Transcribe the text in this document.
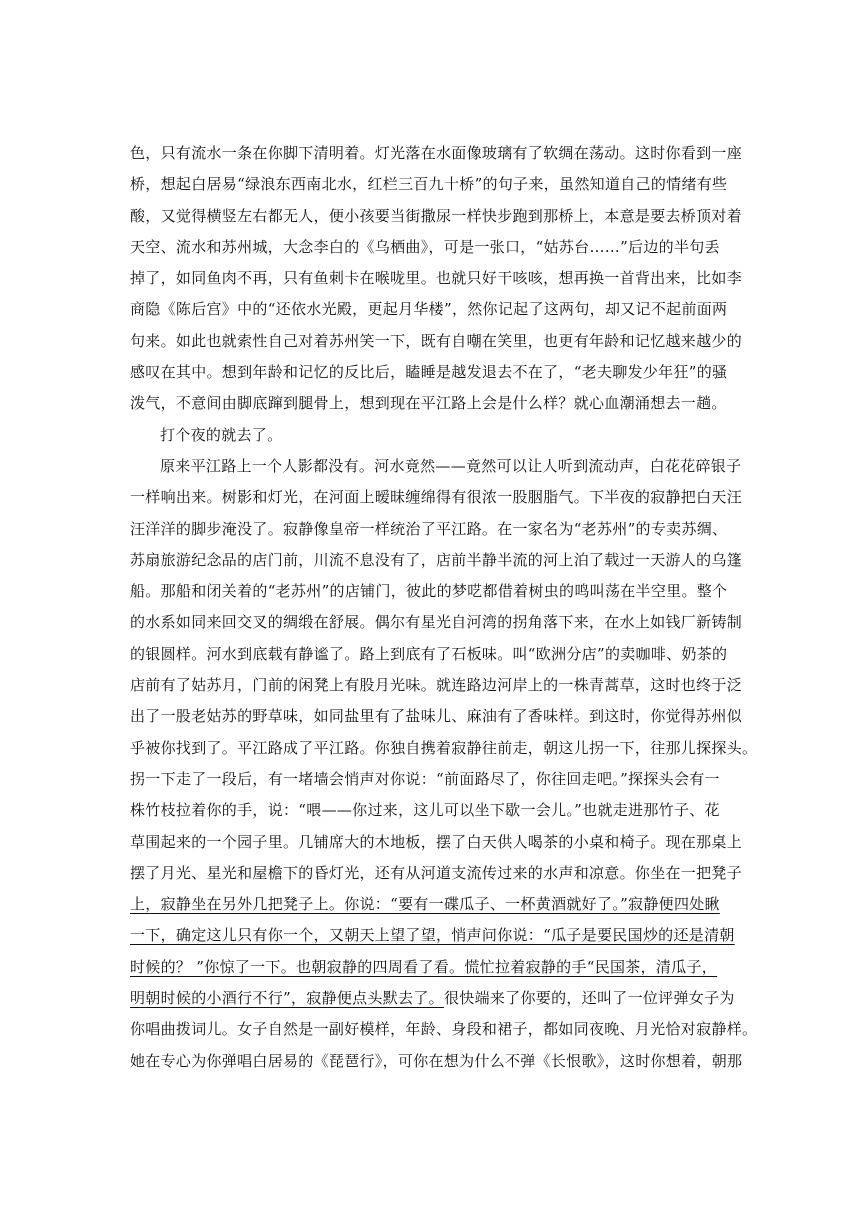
色，只有流水一条在你脚下清明着。灯光落在水面像玻璃有了软绸在荡动。这时你看到一座
桥，想起白居易“绿浪东西南北水，红栏三百九十桥”的句子来，虽然知道自己的情绪有些
酸，又觉得横竖左右都无人，便小孩要当街撒尿一样快步跑到那桥上，本意是要去桥顶对着
天空、流水和苏州城，大念李白的《乌栖曲》，可是一张口，“姑苏台……”后边的半句丢
掉了，如同鱼肉不再，只有鱼刺卡在喉咙里。也就只好干咳咳，想再换一首背出来，比如李
商隐《陈后宫》中的“还依水光殿，更起月华楼”，然你记起了这两句，却又记不起前面两
句来。如此也就索性自己对着苏州笑一下，既有自嘲在笑里，也更有年龄和记忆越来越少的
感叹在其中。想到年龄和记忆的反比后，瞌睡是越发退去不在了，“老夫聊发少年狂”的骚
泼气，不意间由脚底蹿到腿骨上，想到现在平江路上会是什么样？就心血潮涌想去一趟。
打个夜的就去了。
原来平江路上一个人影都没有。河水竟然——竟然可以让人听到流动声，白花花碎银子
一样响出来。树影和灯光，在河面上暧昧缠绵得有很浓一股胭脂气。下半夜的寂静把白天汪
汪洋洋的脚步淹没了。寂静像皇帝一样统治了平江路。在一家名为“老苏州”的专卖苏绸、
苏扇旅游纪念品的店门前，川流不息没有了，店前半静半流的河上泊了载过一天游人的乌篷
船。那船和闭关着的“老苏州”的店铺门，彼此的梦呓都借着树虫的鸣叫荡在半空里。整个
的水系如同来回交叉的绸缎在舒展。偶尔有星光自河湾的拐角落下来，在水上如钱厂新铸制
的银圆样。河水到底载有静谧了。路上到底有了石板味。叫“欧洲分店”的卖咖啡、奶茶的
店前有了姑苏月，门前的闲凳上有股月光味。就连路边河岸上的一株青蒿草，这时也终于泛
出了一股老姑苏的野草味，如同盐里有了盐味儿、麻油有了香味样。到这时，你觉得苏州似
乎被你找到了。平江路成了平江路。你独自携着寂静往前走，朝这儿拐一下，往那儿探探头。
拐一下走了一段后，有一堵墙会悄声对你说：“前面路尽了，你往回走吧。”探探头会有一
株竹枝拉着你的手，说：“喂——你过来，这儿可以坐下歇一会儿。”也就走进那竹子、花
草围起来的一个园子里。几铺席大的木地板，摆了白天供人喝茶的小桌和椅子。现在那桌上
摆了月光、星光和屋檐下的昏灯光，还有从河道支流传过来的水声和凉意。你坐在一把凳子
上，寂静坐在另外几把凳子上。你说：“要有一碟瓜子、一杯黄酒就好了。”寂静便四处瞅
一下，确定这儿只有你一个，又朝天上望了望，悄声问你说：“瓜子是要民国炒的还是清朝
时候的？ ”你惊了一下。也朝寂静的四周看了看。慌忙拉着寂静的手“民国茶，清瓜子，
明朝时候的小酒行不行”，寂静便点头默去了。很快端来了你要的，还叫了一位评弹女子为
你唱曲拨词儿。女子自然是一副好模样，年龄、身段和裙子，都如同夜晚、月光恰对寂静样。
她在专心为你弹唱白居易的《琵琶行》，可你在想为什么不弹《长恨歌》，这时你想着，朝那
